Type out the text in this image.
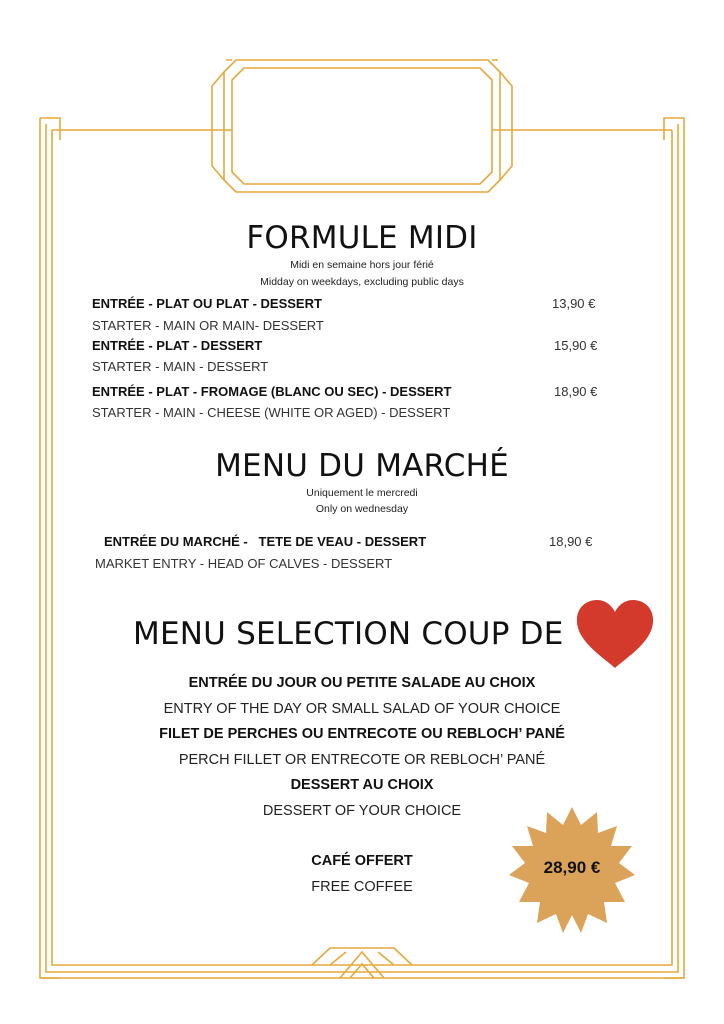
FORMULE MIDI
Midi en semaine hors jour férié
Midday on weekdays, excluding public days
ENTRÉE - PLAT OU PLAT - DESSERT	13,90 €
STARTER - MAIN OR MAIN- DESSERT
ENTRÉE - PLAT - DESSERT	15,90 €
STARTER - MAIN - DESSERT
ENTRÉE - PLAT - FROMAGE (BLANC OU SEC) - DESSERT	18,90 €
STARTER - MAIN - CHEESE (WHITE OR AGED) - DESSERT
MENU DU MARCHÉ
Uniquement le mercredi
Only on wednesday
ENTRÉE DU MARCHÉ -   TETE DE VEAU - DESSERT	18,90 €
MARKET ENTRY - HEAD OF CALVES - DESSERT
MENU SELECTION COUP DE
ENTRÉE DU JOUR OU PETITE SALADE AU CHOIX
ENTRY OF THE DAY OR SMALL SALAD OF YOUR CHOICE
FILET DE PERCHES OU ENTRECOTE OU REBLOCH’ PANÉ
PERCH FILLET OR ENTRECOTE OR REBLOCH’ PANÉ
DESSERT AU CHOIX
DESSERT OF YOUR CHOICE
CAFÉ OFFERT
FREE COFFEE
28,90 €
